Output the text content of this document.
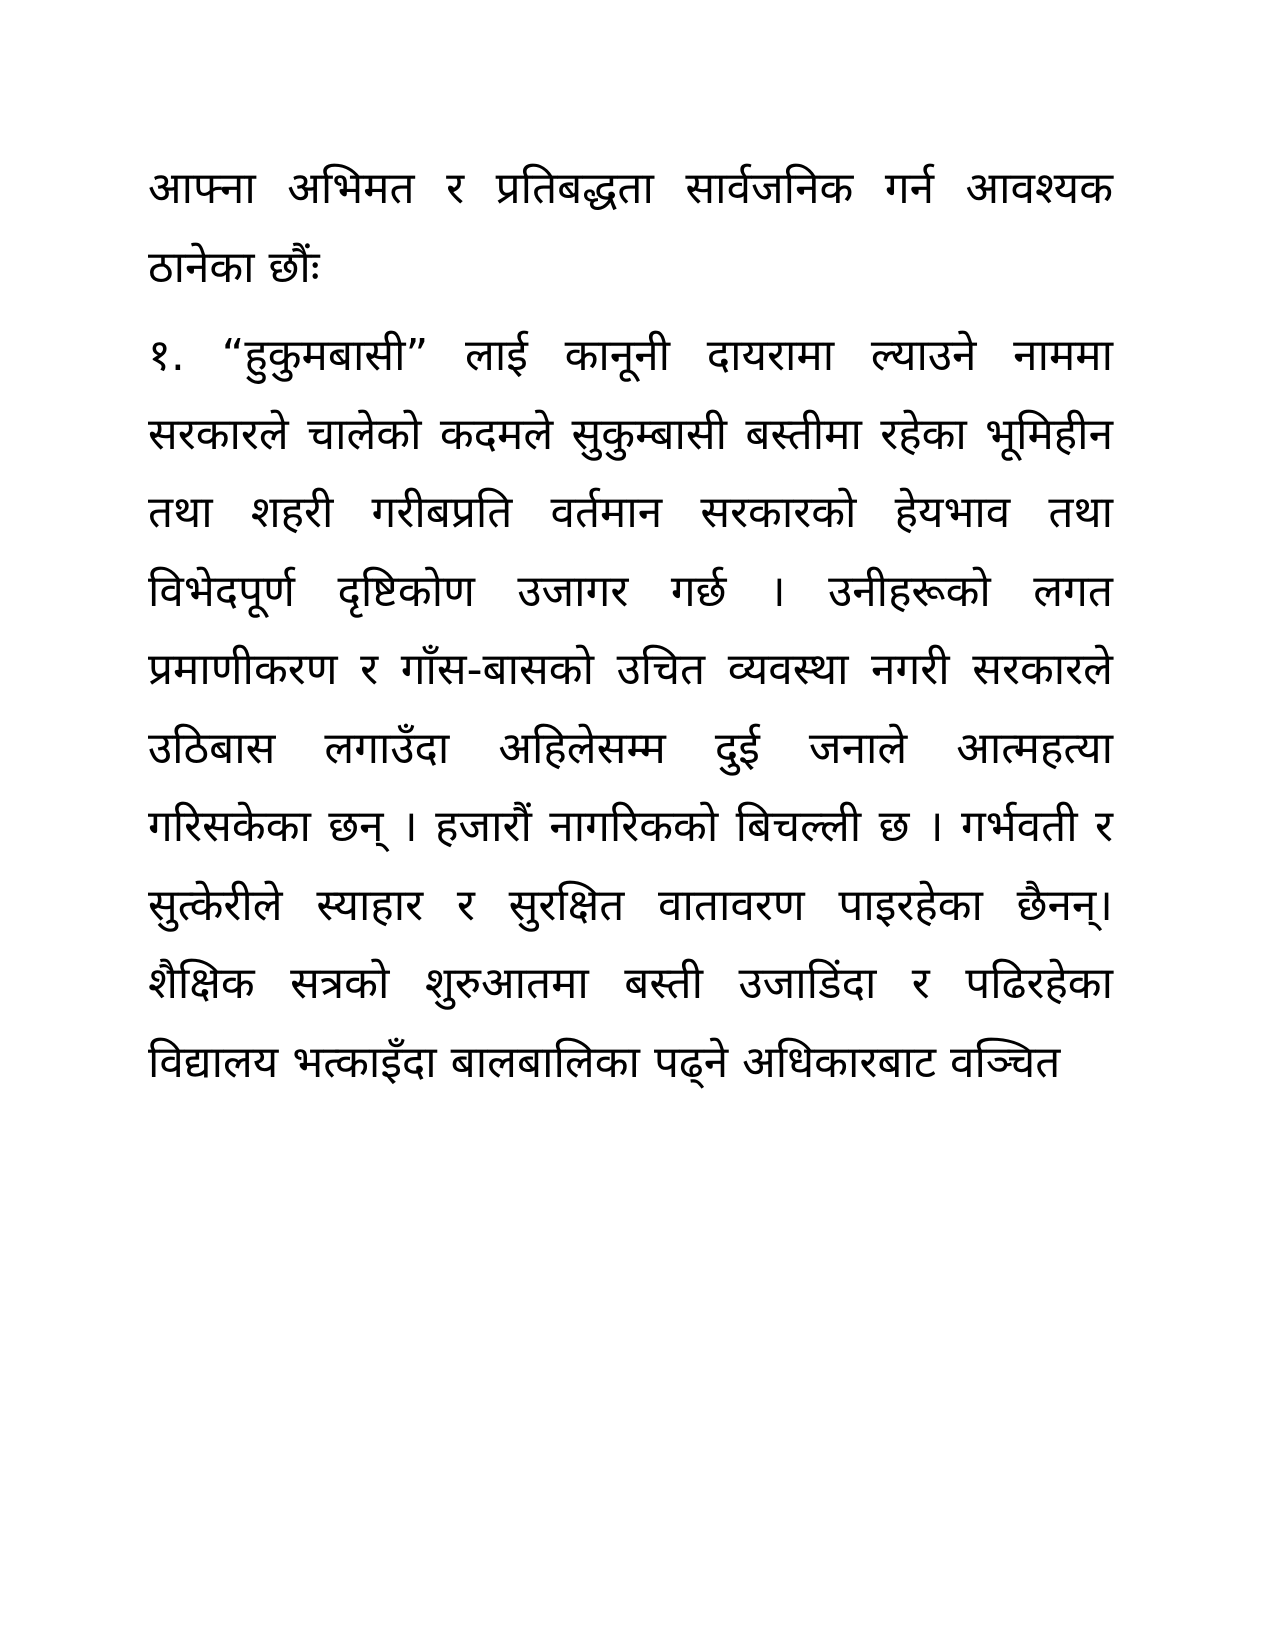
आफ्ना अभिमत र प्रतिबद्धता सार्वजनिक गर्न आवश्यक ठानेका छौंः

१. “हुकुमबासी” लाई कानूनी दायरामा ल्याउने नाममा सरकारले चालेको कदमले सुकुम्बासी बस्तीमा रहेका भूमिहीन तथा शहरी गरीबप्रति वर्तमान सरकारको हेयभाव तथा विभेदपूर्ण दृष्टिकोण उजागर गर्छ । उनीहरूको लगत प्रमाणीकरण र गाँस-बासको उचित व्यवस्था नगरी सरकारले उठिबास लगाउँदा अहिलेसम्म दुई जनाले आत्महत्या गरिसकेका छन् । हजारौं नागरिकको बिचल्ली छ । गर्भवती र सुत्केरीले स्याहार र सुरक्षित वातावरण पाइरहेका छैनन्। शैक्षिक सत्रको शुरुआतमा बस्ती उजाडिंदा र पढिरहेका विद्यालय भत्काइँदा बालबालिका पढ्ने अधिकारबाट वञ्चित
